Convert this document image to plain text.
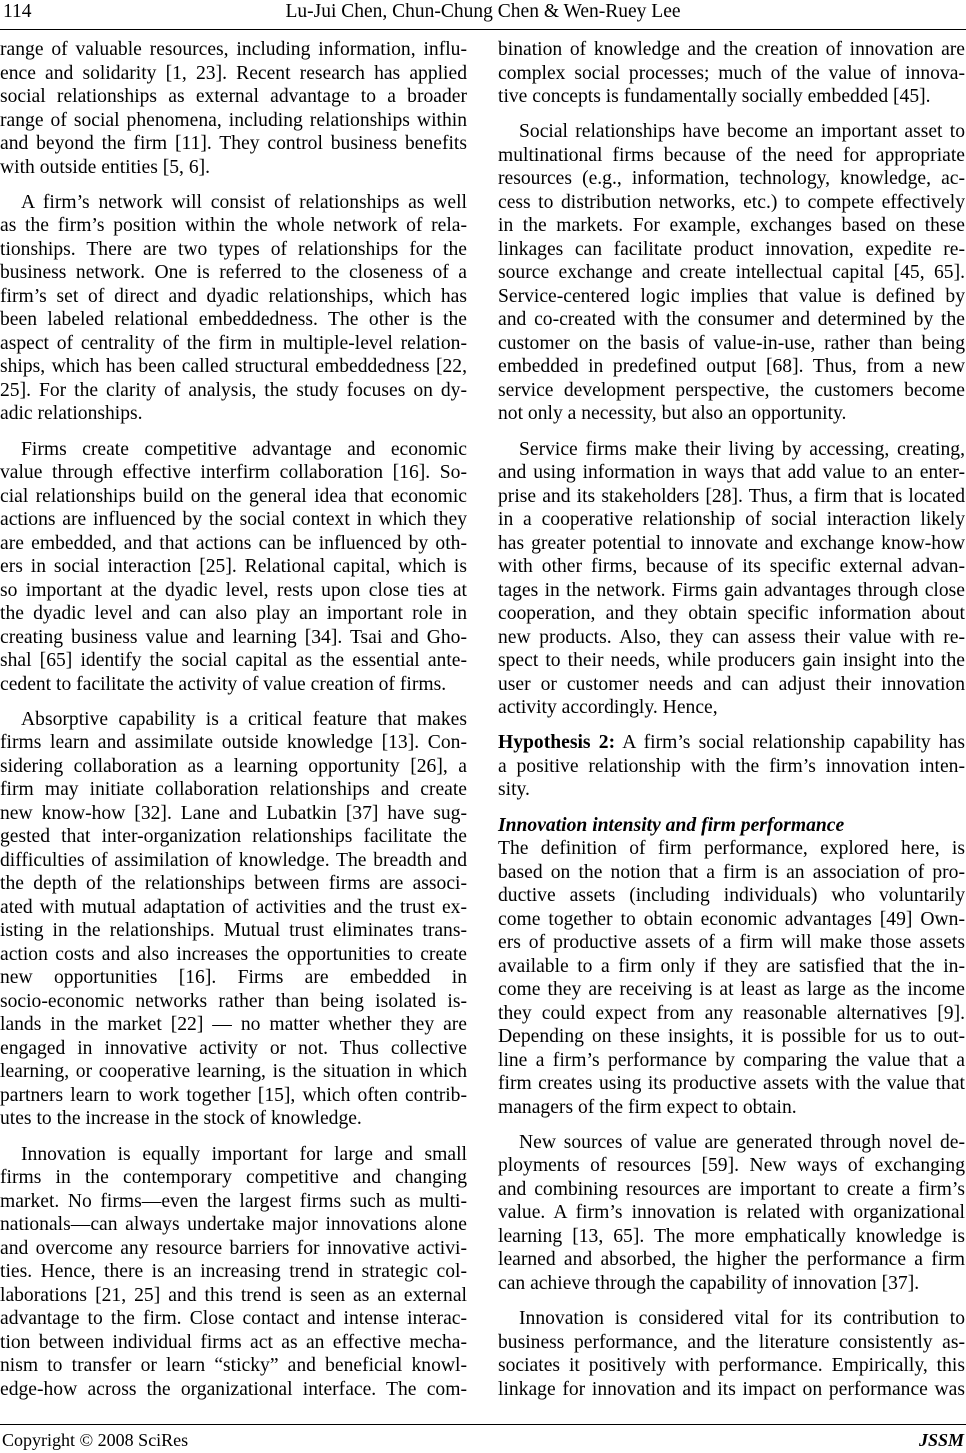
114	Lu-Jui Chen, Chun-Chung Chen & Wen-Ruey Lee
range of valuable resources, including information, influ-
ence and solidarity [1, 23]. Recent research has applied
social relationships as external advantage to a broader
range of social phenomena, including relationships within
and beyond the firm [11]. They control business benefits
with outside entities [5, 6].
A firm’s network will consist of relationships as well
as the firm’s position within the whole network of rela-
tionships. There are two types of relationships for the
business network. One is referred to the closeness of a
firm’s set of direct and dyadic relationships, which has
been labeled relational embeddedness. The other is the
aspect of centrality of the firm in multiple-level relation-
ships, which has been called structural embeddedness [22,
25]. For the clarity of analysis, the study focuses on dy-
adic relationships.
Firms create competitive advantage and economic
value through effective interfirm collaboration [16]. So-
cial relationships build on the general idea that economic
actions are influenced by the social context in which they
are embedded, and that actions can be influenced by oth-
ers in social interaction [25]. Relational capital, which is
so important at the dyadic level, rests upon close ties at
the dyadic level and can also play an important role in
creating business value and learning [34]. Tsai and Gho-
shal [65] identify the social capital as the essential ante-
cedent to facilitate the activity of value creation of firms.
Absorptive capability is a critical feature that makes
firms learn and assimilate outside knowledge [13]. Con-
sidering collaboration as a learning opportunity [26], a
firm may initiate collaboration relationships and create
new know-how [32]. Lane and Lubatkin [37] have sug-
gested that inter-organization relationships facilitate the
difficulties of assimilation of knowledge. The breadth and
the depth of the relationships between firms are associ-
ated with mutual adaptation of activities and the trust ex-
isting in the relationships. Mutual trust eliminates trans-
action costs and also increases the opportunities to create
new opportunities [16]. Firms are embedded in
socio-economic networks rather than being isolated is-
lands in the market [22] — no matter whether they are
engaged in innovative activity or not. Thus collective
learning, or cooperative learning, is the situation in which
partners learn to work together [15], which often contrib-
utes to the increase in the stock of knowledge.
Innovation is equally important for large and small
firms in the contemporary competitive and changing
market. No firms—even the largest firms such as multi-
nationals—can always undertake major innovations alone
and overcome any resource barriers for innovative activi-
ties. Hence, there is an increasing trend in strategic col-
laborations [21, 25] and this trend is seen as an external
advantage to the firm. Close contact and intense interac-
tion between individual firms act as an effective mecha-
nism to transfer or learn “sticky” and beneficial knowl-
edge-how across the organizational interface. The com-
bination of knowledge and the creation of innovation are
complex social processes; much of the value of innova-
tive concepts is fundamentally socially embedded [45].
Social relationships have become an important asset to
multinational firms because of the need for appropriate
resources (e.g., information, technology, knowledge, ac-
cess to distribution networks, etc.) to compete effectively
in the markets. For example, exchanges based on these
linkages can facilitate product innovation, expedite re-
source exchange and create intellectual capital [45, 65].
Service-centered logic implies that value is defined by
and co-created with the consumer and determined by the
customer on the basis of value-in-use, rather than being
embedded in predefined output [68]. Thus, from a new
service development perspective, the customers become
not only a necessity, but also an opportunity.
Service firms make their living by accessing, creating,
and using information in ways that add value to an enter-
prise and its stakeholders [28]. Thus, a firm that is located
in a cooperative relationship of social interaction likely
has greater potential to innovate and exchange know-how
with other firms, because of its specific external advan-
tages in the network. Firms gain advantages through close
cooperation, and they obtain specific information about
new products. Also, they can assess their value with re-
spect to their needs, while producers gain insight into the
user or customer needs and can adjust their innovation
activity accordingly. Hence,
Hypothesis 2: A firm’s social relationship capability has
a positive relationship with the firm’s innovation inten-
sity.
Innovation intensity and firm performance
The definition of firm performance, explored here, is
based on the notion that a firm is an association of pro-
ductive assets (including individuals) who voluntarily
come together to obtain economic advantages [49] Own-
ers of productive assets of a firm will make those assets
available to a firm only if they are satisfied that the in-
come they are receiving is at least as large as the income
they could expect from any reasonable alternatives [9].
Depending on these insights, it is possible for us to out-
line a firm’s performance by comparing the value that a
firm creates using its productive assets with the value that
managers of the firm expect to obtain.
New sources of value are generated through novel de-
ployments of resources [59]. New ways of exchanging
and combining resources are important to create a firm’s
value. A firm’s innovation is related with organizational
learning [13, 65]. The more emphatically knowledge is
learned and absorbed, the higher the performance a firm
can achieve through the capability of innovation [37].
Innovation is considered vital for its contribution to
business performance, and the literature consistently as-
sociates it positively with performance. Empirically, this
linkage for innovation and its impact on performance was
Copyright © 2008 SciRes	JSSM
